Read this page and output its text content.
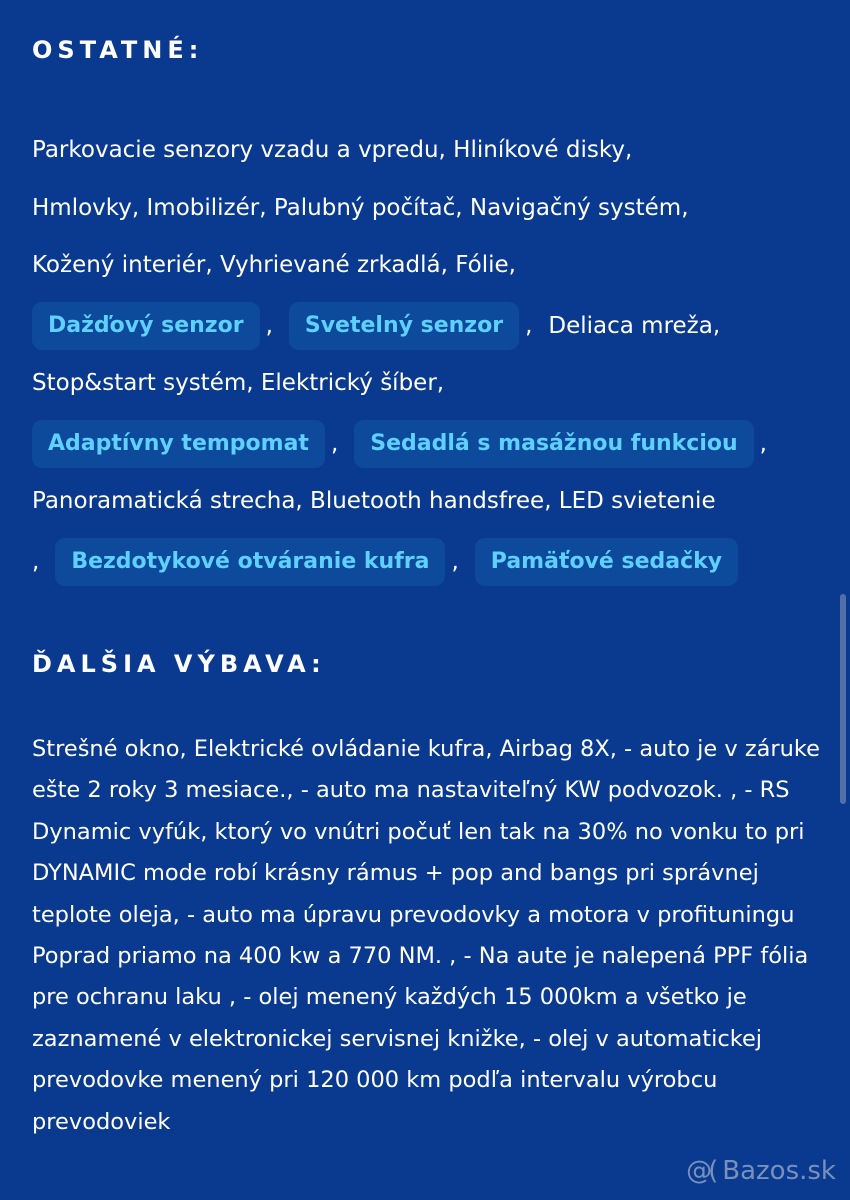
OSTATNÉ:
Parkovacie senzory vzadu a vpredu, Hliníkové disky,
Hmlovky, Imobilizér, Palubný počítač, Navigačný systém,
Kožený interiér, Vyhrievané zrkadlá, Fólie,
Dažďový senzor ,	Svetelný senzor , Deliaca mreža,
Stop&start systém, Elektrický šíber,
Adaptívny tempomat ,	Sedadlá s masážnou funkciou ,
Panoramatická strecha, Bluetooth handsfree, LED svietenie
,	Bezdotykové otváranie kufra ,	Pamäťové sedačky
ĎALŠIA VÝBAVA:

Strešné okno, Elektrické ovládanie kufra, Airbag 8X, - auto je v záruke ešte 2 roky 3 mesiace., - auto ma nastaviteľný KW podvozok. , - RS Dynamic vyfúk, ktorý vo vnútri počuť len tak na 30% no vonku to pri DYNAMIC mode robí krásny rámus + pop and bangs pri správnej teplote oleja, - auto ma úpravu prevodovky a motora v profituningu Poprad priamo na 400 kw a 770 NM. , - Na aute je nalepená PPF fólia pre ochranu laku , - olej menený každých 15 000km a všetko je zaznamené v elektronickej servisnej knižke, - olej v automatickej prevodovke menený pri 120 000 km podľa intervalu výrobcu prevodoviek

@( Bazos.sk
